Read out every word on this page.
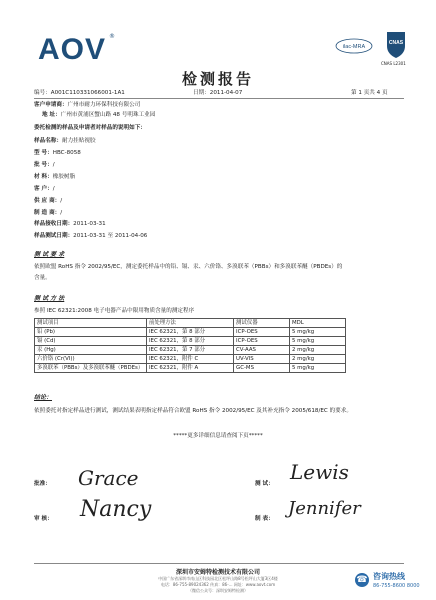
AOV ®
ilac-MRA
CNAS
CNAS L2301
检测报告
编号：A001C110331066001-1A1	日期：2011-04-07	第 1 页共 4 页
客户申请商：广州市耐力环保科技有限公司
地 址：广州市黄浦区蟹山路 48 号明珠工业园
委托检测的样品及申请者对样品的说明如下：
样品名称：耐力挂贴视胶
型 号：HBC-8058
批 号：/
材 料：橡胶树脂
客 户：/
供 应 商：/
制 造 商：/
样品接收日期：2011-03-31
样品测试日期：2011-03-31 至 2011-04-06
测 试 要 求
依照欧盟 RoHS 指令 2002/95/EC，测定委托样品中的铅、镉、汞、六价铬、多溴联苯（PBBs）和多溴联苯醚（PBDEs）的
含量。
测 试 方 法
参照 IEC 62321:2008 电子电器产品中限用物质含量的测定程序
测试项目	前处理方法	测试仪器	MDL
铅 (Pb)	IEC 62321，第 8 部分	ICP-OES	5 mg/kg
镉 (Cd)	IEC 62321，第 8 部分	ICP-OES	5 mg/kg
汞 (Hg)	IEC 62321，第 7 部分	CV-AAS	2 mg/kg
六价铬 (Cr(VI))	IEC 62321，附件 C	UV-VIS	2 mg/kg
多溴联苯（PBBs）及多溴联苯醚（PBDEs）	IEC 62321，附件 A	GC-MS	5 mg/kg
结论：
依照委托对指定样品进行测试，测试结果表明指定样品符合欧盟 RoHS 指令 2002/95/EC 及其补充指令 2005/618/EC 的要求。
*****更多详细信息请查阅下页*****
批准： Grace	测 试： Lewis
审 核： Nancy	制 表： Jennifer
深圳市安姆特检测技术有限公司
中国广东省深圳市南山区科技园北区松坪山路8号松坪山大厦3区4楼
电话：86-755-89024362 传真：86-... 网址：www.aovt.com
（微信公众号：深圳安姆特检测）
☎ 咨询热线
86-755-8600 8000
